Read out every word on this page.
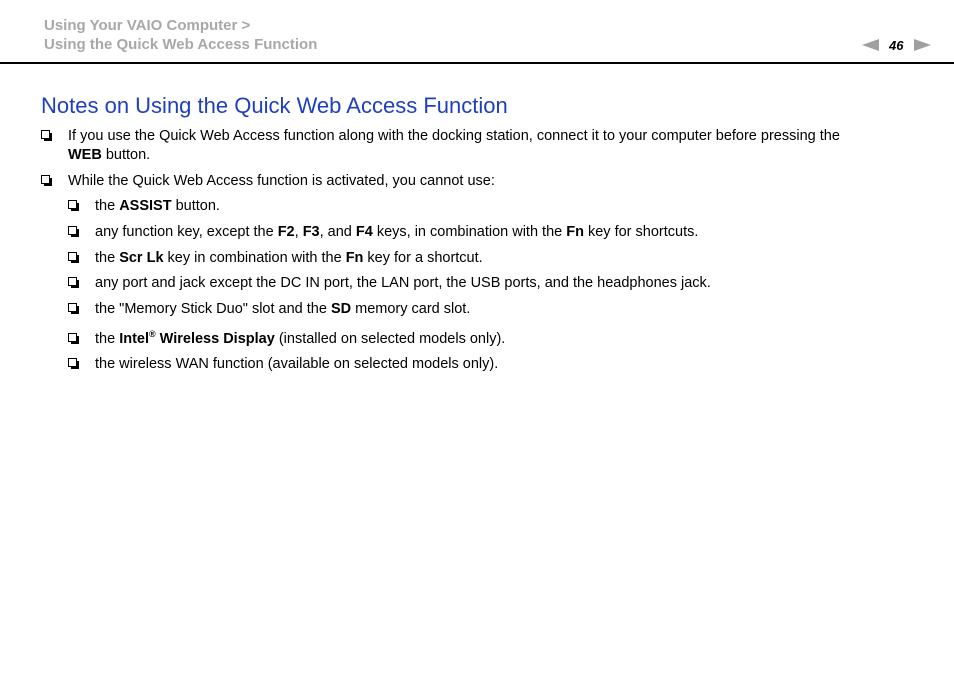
Using Your VAIO Computer >
Using the Quick Web Access Function	46
Notes on Using the Quick Web Access Function
If you use the Quick Web Access function along with the docking station, connect it to your computer before pressing the
WEB button.
While the Quick Web Access function is activated, you cannot use:
the ASSIST button.
any function key, except the F2, F3, and F4 keys, in combination with the Fn key for shortcuts.
the Scr Lk key in combination with the Fn key for a shortcut.
any port and jack except the DC IN port, the LAN port, the USB ports, and the headphones jack.
the "Memory Stick Duo" slot and the SD memory card slot.
the Intel® Wireless Display (installed on selected models only).
the wireless WAN function (available on selected models only).
